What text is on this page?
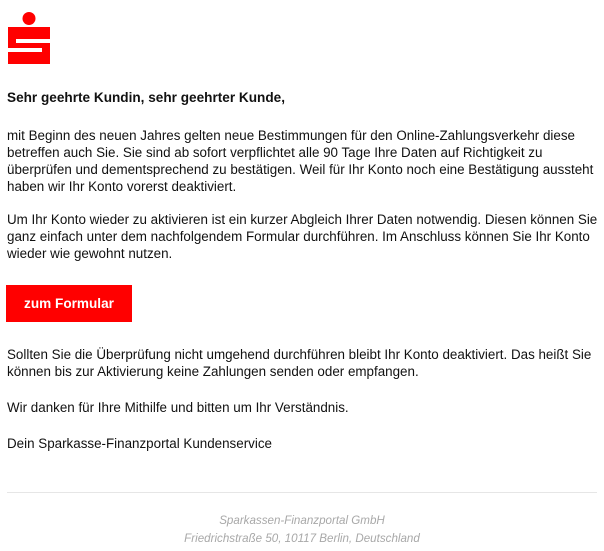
Sehr geehrte Kundin, sehr geehrter Kunde,

mit Beginn des neuen Jahres gelten neue Bestimmungen für den Online-Zahlungsverkehr diese betreffen auch Sie. Sie sind ab sofort verpflichtet alle 90 Tage Ihre Daten auf Richtigkeit zu überprüfen und dementsprechend zu bestätigen. Weil für Ihr Konto noch eine Bestätigung aussteht haben wir Ihr Konto vorerst deaktiviert.

Um Ihr Konto wieder zu aktivieren ist ein kurzer Abgleich Ihrer Daten notwendig. Diesen können Sie ganz einfach unter dem nachfolgendem Formular durchführen. Im Anschluss können Sie Ihr Konto wieder wie gewohnt nutzen.

zum Formular

Sollten Sie die Überprüfung nicht umgehend durchführen bleibt Ihr Konto deaktiviert. Das heißt Sie können bis zur Aktivierung keine Zahlungen senden oder empfangen.

Wir danken für Ihre Mithilfe und bitten um Ihr Verständnis.

Dein Sparkasse-Finanzportal Kundenservice

Sparkassen-Finanzportal GmbH

Friedrichstraße 50, 10117 Berlin, Deutschland
